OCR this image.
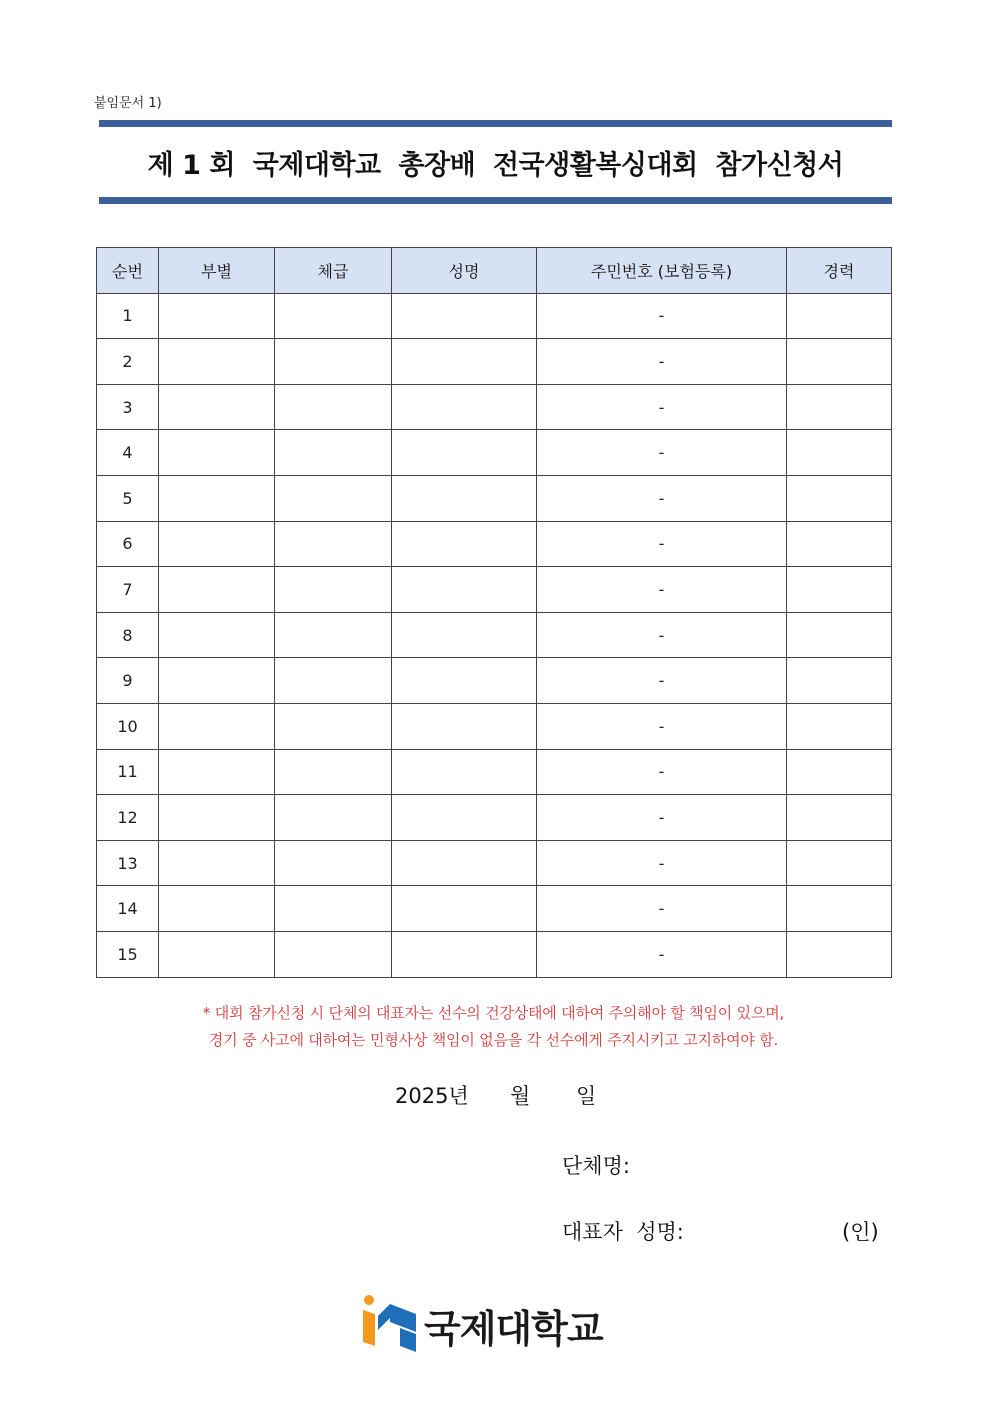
붙임문서 1)
제 1 회  국제대학교  총장배  전국생활복싱대회  참가신청서
순번	부별	체급	성명	주민번호 (보험등록)	경력
1				-	
2				-	
3				-	
4				-	
5				-	
6				-	
7				-	
8				-	
9				-	
10				-	
11				-	
12				-	
13				-	
14				-	
15				-	
* 대회 참가신청 시 단체의 대표자는 선수의 건강상태에 대하여 주의해야 할 책임이 있으며,
경기 중 사고에 대하여는 민형사상 책임이 없음을 각 선수에게 주지시키고 고지하여야 함.
2025년 월 일
단체명:
대표자  성명:	(인)
국제대학교
